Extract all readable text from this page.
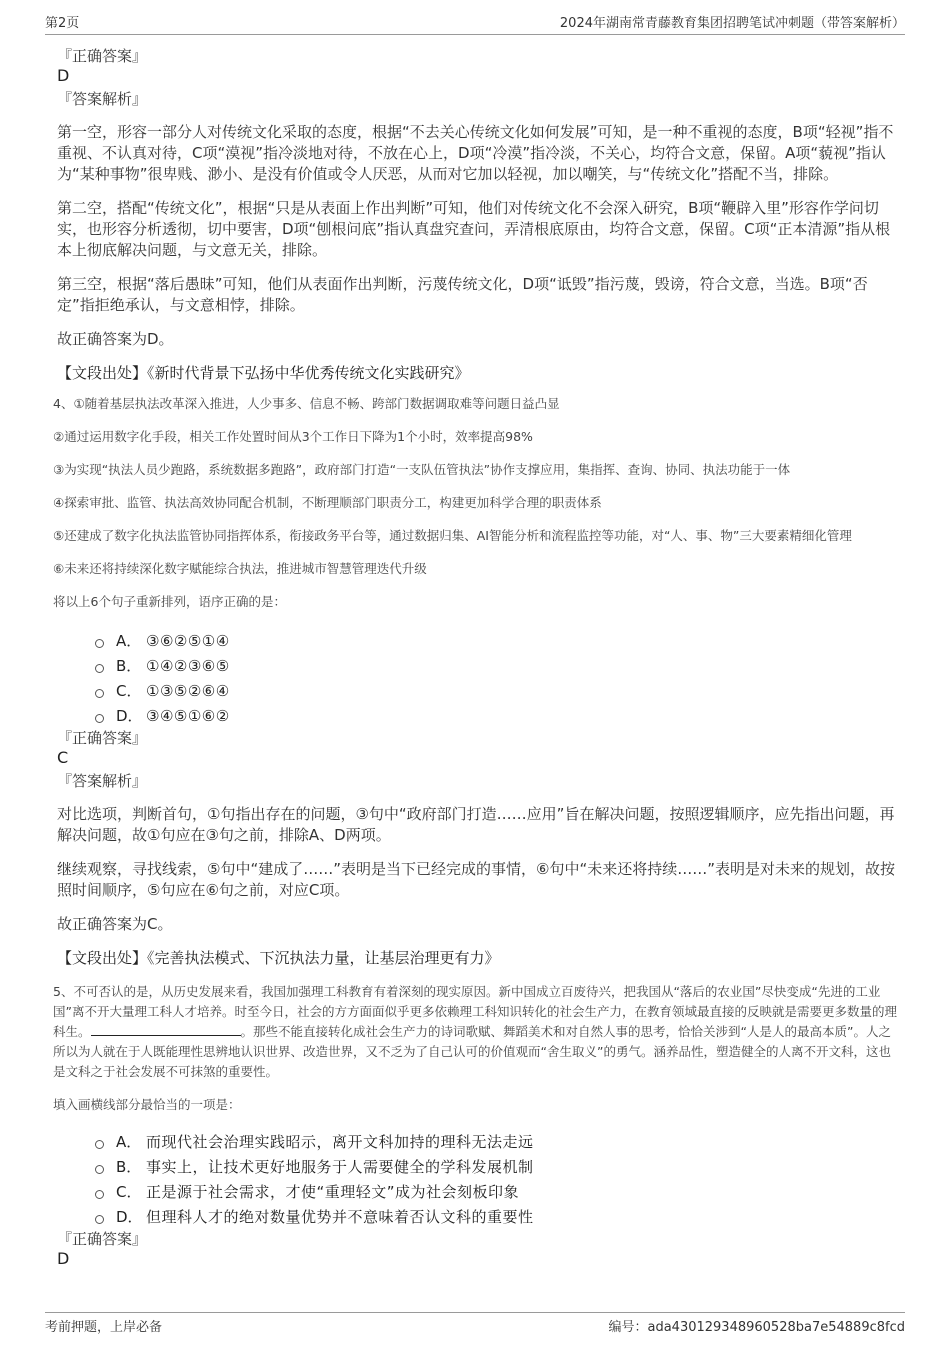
第2页	2024年湖南常青藤教育集团招聘笔试冲刺题（带答案解析）
『正确答案』
D
『答案解析』

第一空，形容一部分人对传统文化采取的态度，根据“不去关心传统文化如何发展”可知，是一种不重视的态度，B项“轻视”指不重视、不认真对待，C项“漠视”指冷淡地对待，不放在心上，D项“冷漠”指冷淡，不关心，均符合文意，保留。A项“藐视”指认为“某种事物”很卑贱、渺小、是没有价值或令人厌恶，从而对它加以轻视，加以嘲笑，与“传统文化”搭配不当，排除。

第二空，搭配“传统文化”，根据“只是从表面上作出判断”可知，他们对传统文化不会深入研究，B项“鞭辟入里”形容作学问切实，也形容分析透彻，切中要害，D项“刨根问底”指认真盘究查问，弄清根底原由，均符合文意，保留。C项“正本清源”指从根本上彻底解决问题，与文意无关，排除。

第三空，根据“落后愚昧”可知，他们从表面作出判断，污蔑传统文化，D项“诋毁”指污蔑，毁谤，符合文意，当选。B项“否定”指拒绝承认，与文意相悖，排除。

故正确答案为D。

【文段出处】《新时代背景下弘扬中华优秀传统文化实践研究》

4、①随着基层执法改革深入推进，人少事多、信息不畅、跨部门数据调取难等问题日益凸显

②通过运用数字化手段，相关工作处置时间从3个工作日下降为1个小时，效率提高98%

③为实现“执法人员少跑路，系统数据多跑路”，政府部门打造“一支队伍管执法”协作支撑应用，集指挥、查询、协同、执法功能于一体

④探索审批、监管、执法高效协同配合机制，不断理顺部门职责分工，构建更加科学合理的职责体系

⑤还建成了数字化执法监管协同指挥体系，衔接政务平台等，通过数据归集、AI智能分析和流程监控等功能，对“人、事、物”三大要素精细化管理

⑥未来还将持续深化数字赋能综合执法，推进城市智慧管理迭代升级

将以上6个句子重新排列，语序正确的是：

A． ③⑥②⑤①④
B． ①④②③⑥⑤
C． ①③⑤②⑥④
D． ③④⑤①⑥②
『正确答案』
C
『答案解析』

对比选项，判断首句，①句指出存在的问题，③句中“政府部门打造……应用”旨在解决问题，按照逻辑顺序，应先指出问题，再解决问题，故①句应在③句之前，排除A、D两项。

继续观察，寻找线索，⑤句中“建成了……”表明是当下已经完成的事情，⑥句中“未来还将持续……”表明是对未来的规划，故按照时间顺序，⑤句应在⑥句之前，对应C项。

故正确答案为C。

【文段出处】《完善执法模式、下沉执法力量，让基层治理更有力》

5、不可否认的是，从历史发展来看，我国加强理工科教育有着深刻的现实原因。新中国成立百废待兴，把我国从“落后的农业国”尽快变成“先进的工业国”离不开大量理工科人才培养。时至今日，社会的方方面面似乎更多依赖理工科知识转化的社会生产力，在教育领域最直接的反映就是需要更多数量的理科生。	。那些不能直接转化成社会生产力的诗词歌赋、舞蹈美术和对自然人事的思考，恰恰关涉到“人是人的最高本质”。人之所以为人就在于人既能理性思辨地认识世界、改造世界，又不乏为了自己认可的价值观而“舍生取义”的勇气。涵养品性，塑造健全的人离不开文科，这也是文科之于社会发展不可抹煞的重要性。

填入画横线部分最恰当的一项是：

A． 而现代社会治理实践昭示，离开文科加持的理科无法走远
B． 事实上，让技术更好地服务于人需要健全的学科发展机制
C． 正是源于社会需求，才使“重理轻文”成为社会刻板印象
D． 但理科人才的绝对数量优势并不意味着否认文科的重要性
『正确答案』
D
考前押题，上岸必备	编号：ada430129348960528ba7e54889c8fcd
